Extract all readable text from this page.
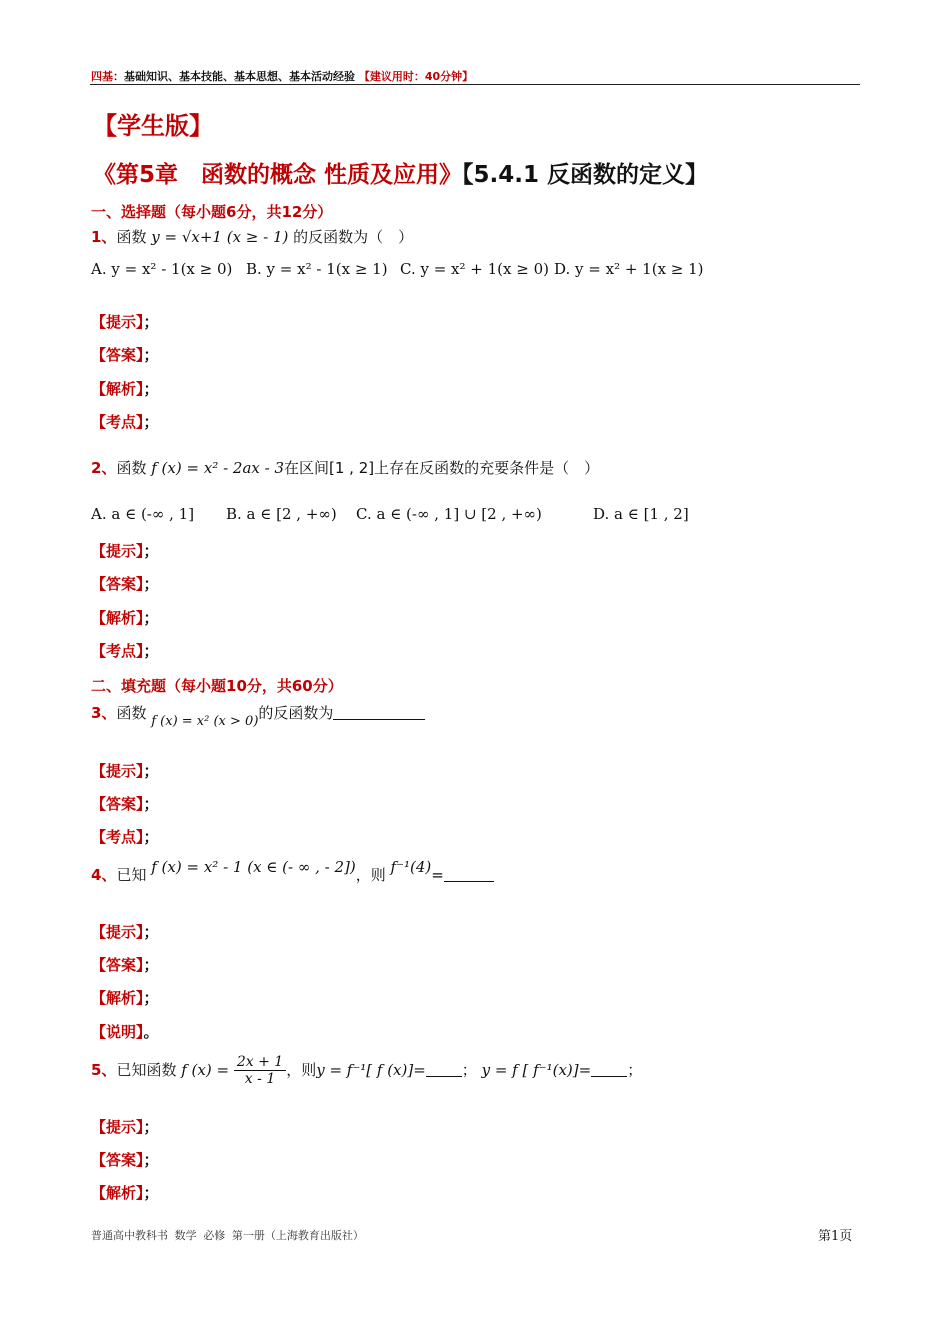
四基：基础知识、基本技能、基本思想、基本活动经验 【建议用时：40分钟】
【学生版】
《第5章　函数的概念 性质及应用》【5.4.1 反函数的定义】
一、选择题（每小题6分，共12分）
1、函数 y = √x+1 (x ≥ - 1) 的反函数为（　）
A. y = x² - 1(x ≥ 0) B. y = x² - 1(x ≥ 1) C. y = x² + 1(x ≥ 0) D. y = x² + 1(x ≥ 1)
【提示】；
【答案】；
【解析】；
【考点】；
2、函数 f (x) = x² - 2ax - 3在区间[1 , 2]上存在反函数的充要条件是（　）
A. a ∈ (-∞ , 1] B. a ∈ [2 , +∞) C. a ∈ (-∞ , 1] ∪ [2 , +∞)	D. a ∈ [1 , 2]
【提示】；
【答案】；
【解析】；
【考点】；
二、填充题（每小题10分，共60分）
3、函数 f (x) = x² (x > 0)的反函数为
【提示】；
【答案】；
【考点】；
4、已知 f (x) = x² - 1 (x ∈ (- ∞ , - 2])，则 f⁻¹(4)=
【提示】；
【答案】；
【解析】；
【说明】。
5、已知函数 f $(x) = \frac{2x + 1}{x - 1}$ ，则y = f⁻¹[ f (x)]= ； y = f [ f⁻¹(x)]= ；
【提示】；
【答案】；
【解析】；
普通高中教科书 数学 必修 第一册（上海教育出版社）	第1页
